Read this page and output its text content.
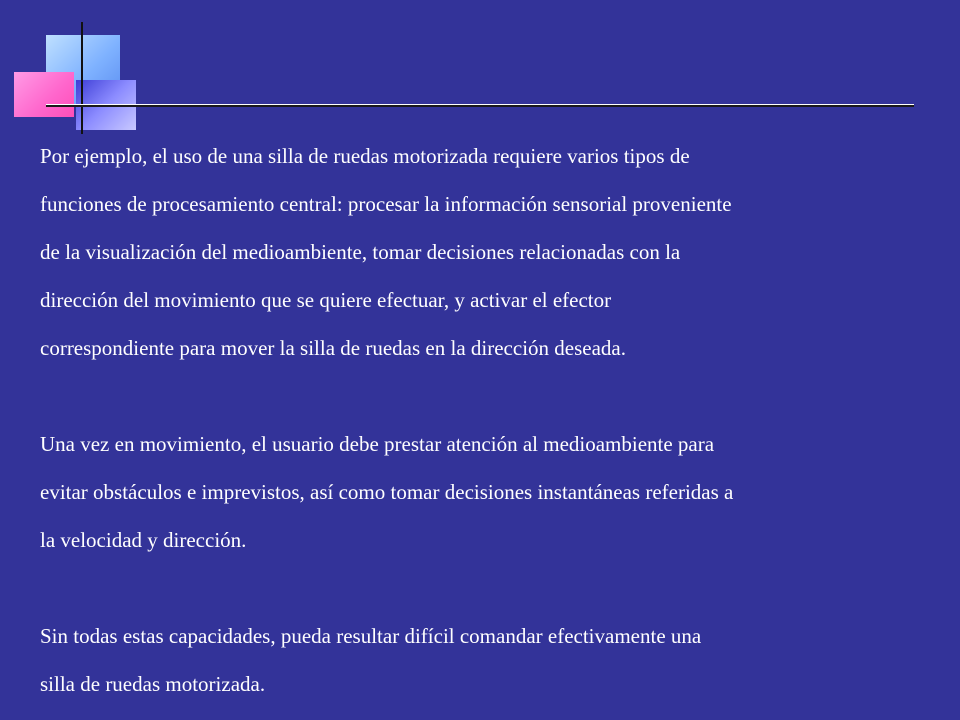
Por ejemplo, el uso de una silla de ruedas motorizada requiere varios tipos de
funciones de procesamiento central: procesar la información sensorial proveniente
de la visualización del medioambiente, tomar decisiones relacionadas con la
dirección del movimiento que se quiere efectuar, y activar el efector
correspondiente para mover la silla de ruedas en la dirección deseada.

Una vez en movimiento, el usuario debe prestar atención al medioambiente para
evitar obstáculos e imprevistos, así como tomar decisiones instantáneas referidas a
la velocidad y dirección.

Sin todas estas capacidades, pueda resultar difícil comandar efectivamente una
silla de ruedas motorizada.
